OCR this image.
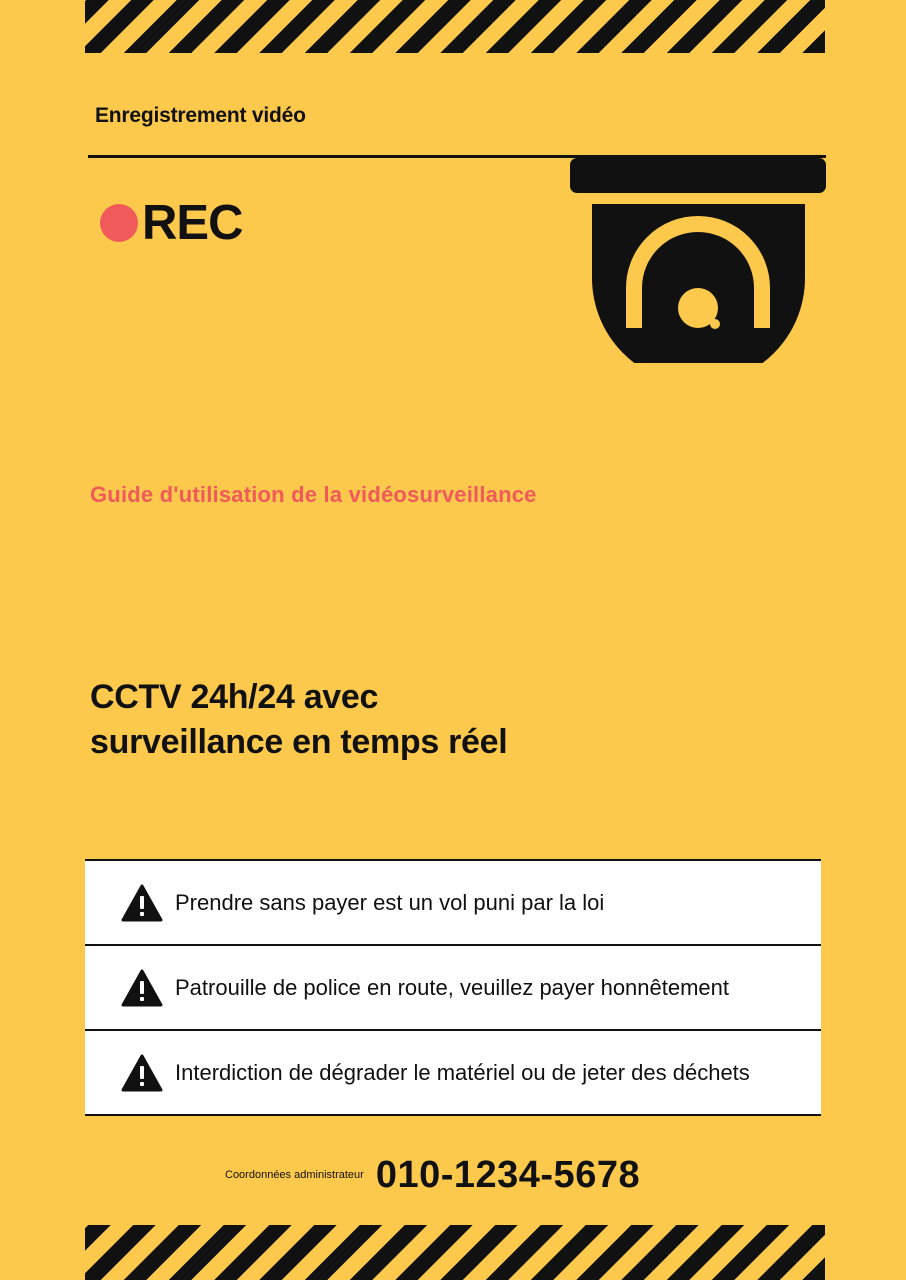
Enregistrement vidéo
REC
Guide d'utilisation de la vidéosurveillance
CCTV 24h/24 avec
surveillance en temps réel
Prendre sans payer est un vol puni par la loi
Patrouille de police en route, veuillez payer honnêtement
Interdiction de dégrader le matériel ou de jeter des déchets
Coordonnées administrateur 010-1234-5678
